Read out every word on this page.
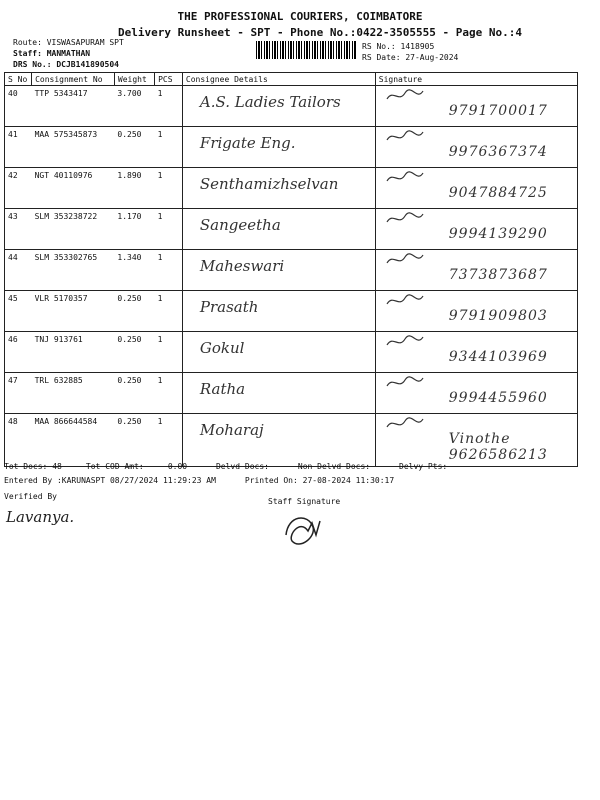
THE PROFESSIONAL COURIERS, COIMBATORE
Delivery Runsheet - SPT - Phone No.:0422-3505555 - Page No.:4
Route: VISWASAPURAM SPT
Staff: MANMATHAN
DRS No.: DCJB141890504
RS No.: 1418905
RS Date: 27-Aug-2024
S No	Consignment No	Weight	PCS	Consignee Details	Signature
40	TTP 5343417	3.700	1	A.S. Ladies Tailors	9791700017

41	MAA 575345873	0.250	1	Frigate Eng.	9976367374

42	NGT 40110976	1.890	1	Senthamizhselvan	9047884725

43	SLM 353238722	1.170	1	Sangeetha	9994139290

44	SLM 353302765	1.340	1	Maheswari	7373873687

45	VLR 5170357	0.250	1	Prasath	9791909803

46	TNJ 913761	0.250	1	Gokul	9344103969

47	TRL 632885	0.250	1	Ratha	9994455960

48	MAA 866644584	0.250	1	Moharaj	Vinothe 9626586213
Tot Docs: 48	Tot COD Amt:	0.00	Delvd Docs:	Non Delvd Docs:	Delvy Pts:
Entered By :KARUNASPT 08/27/2024 11:29:23 AM	Printed On: 27-08-2024 11:30:17
Verified By
Staff Signature
Lavanya.
